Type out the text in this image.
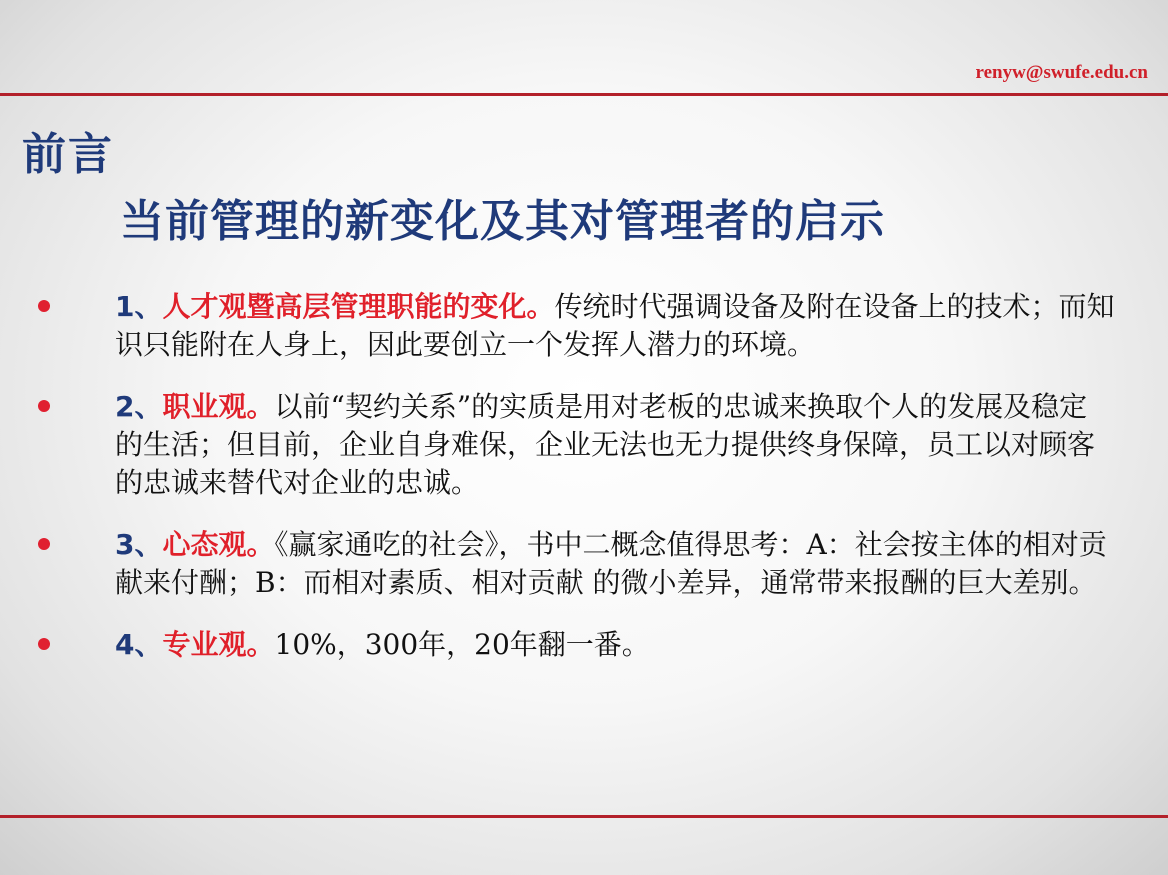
renyw@swufe.edu.cn
前言
当前管理的新变化及其对管理者的启示
1、人才观暨高层管理职能的变化。传统时代强调设备及附在设备上的技术；而知识只能附在人身上，因此要创立一个发挥人潜力的环境。
2、职业观。以前“契约关系”的实质是用对老板的忠诚来换取个人的发展及稳定的生活；但目前，企业自身难保，企业无法也无力提供终身保障，员工以对顾客的忠诚来替代对企业的忠诚。
3、心态观。《赢家通吃的社会》，书中二概念值得思考：A：社会按主体的相对贡献来付酬；B：而相对素质、相对贡献 的微小差异，通常带来报酬的巨大差别。
4、专业观。10%，300年，20年翻一番。
